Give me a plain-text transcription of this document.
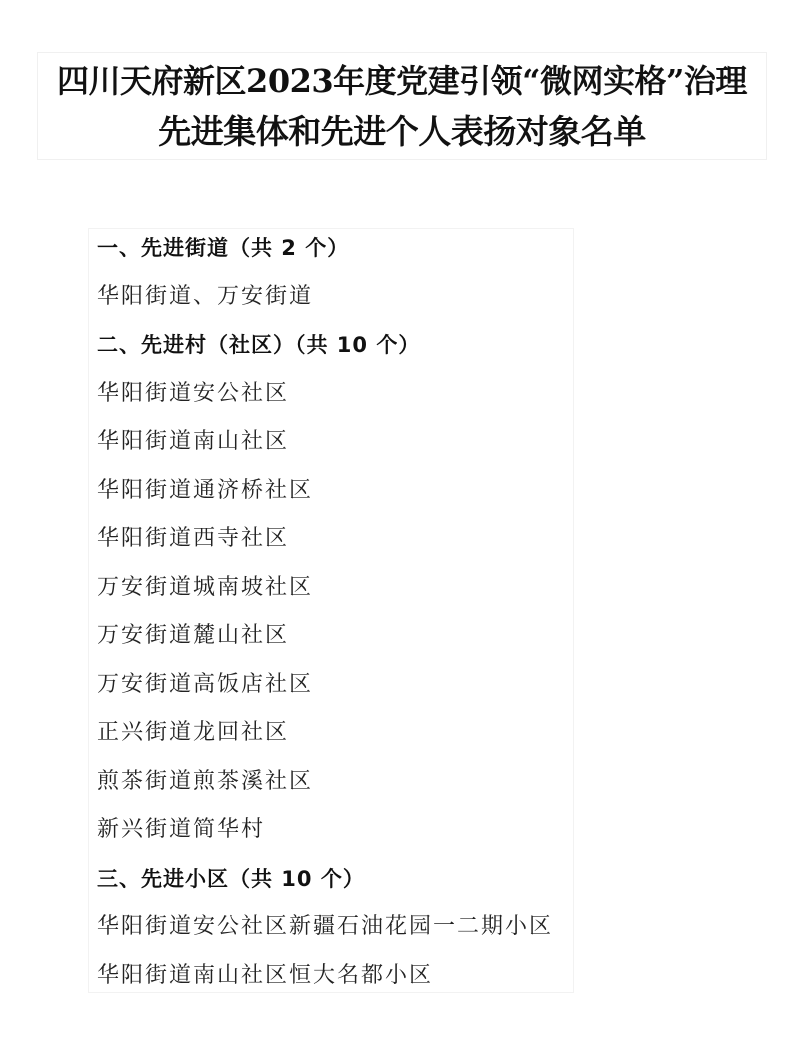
四川天府新区2023年度党建引领“微网实格”治理
先进集体和先进个人表扬对象名单
一、先进街道（共 2 个）
华阳街道、万安街道
二、先进村（社区）（共 10 个）
华阳街道安公社区
华阳街道南山社区
华阳街道通济桥社区
华阳街道西寺社区
万安街道城南坡社区
万安街道麓山社区
万安街道高饭店社区
正兴街道龙回社区
煎茶街道煎茶溪社区
新兴街道简华村
三、先进小区（共 10 个）
华阳街道安公社区新疆石油花园一二期小区
华阳街道南山社区恒大名都小区
